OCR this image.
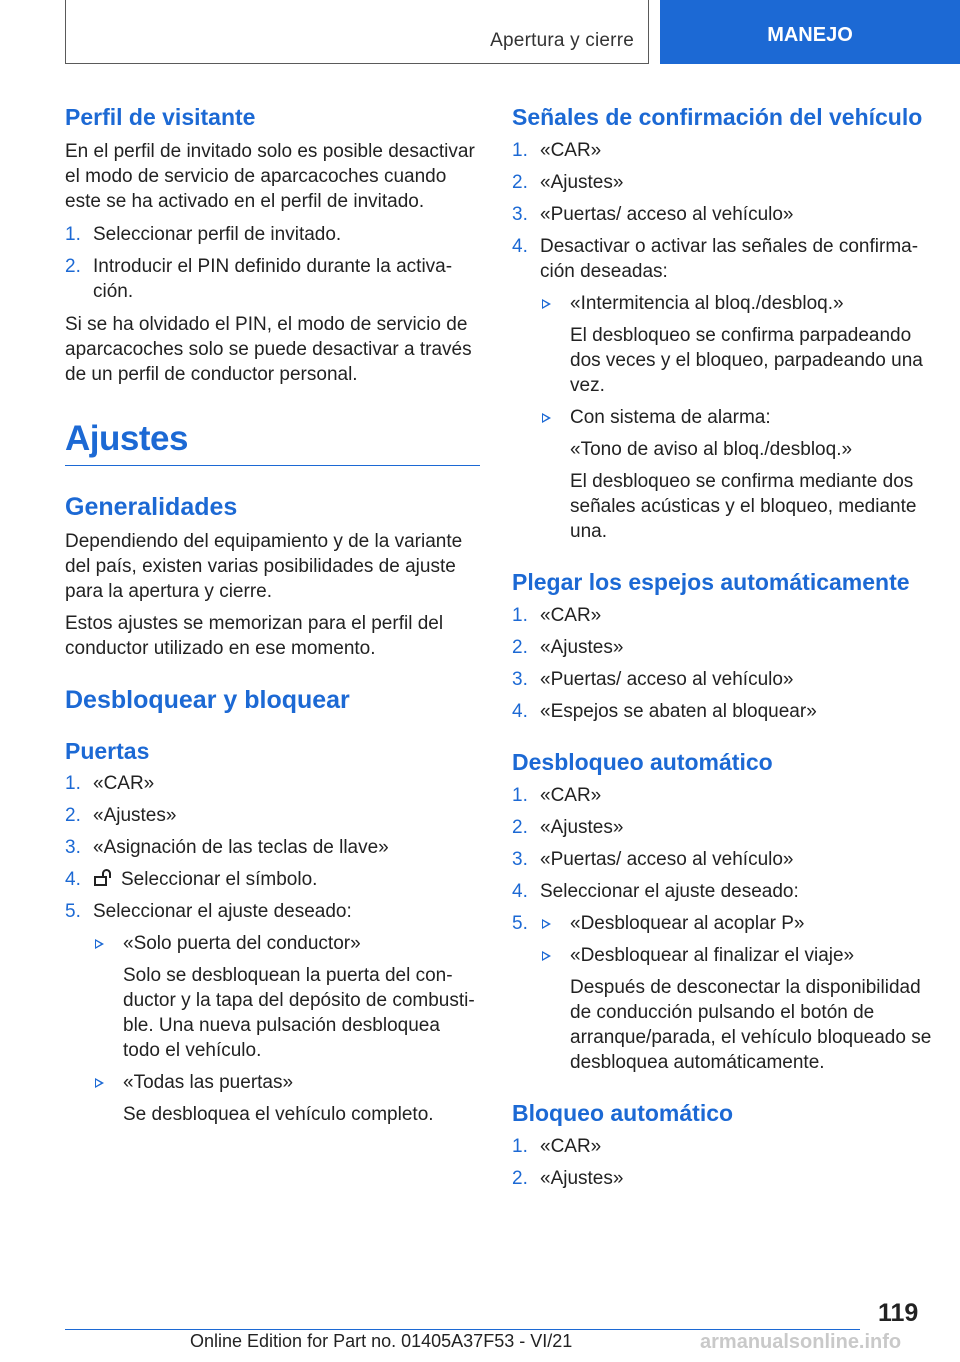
Apertura y cierre	MANEJO
Perfil de visitante

En el perfil de invitado solo es posible desactivar el modo de servicio de aparcacoches cuando este se ha activado en el perfil de invitado.

1. Seleccionar perfil de invitado.
2. Introducir el PIN definido durante la activación.

Si se ha olvidado el PIN, el modo de servicio de aparcacoches solo se puede desactivar a través de un perfil de conductor personal.

Ajustes
Generalidades

Dependiendo del equipamiento y de la variante del país, existen varias posibilidades de ajuste para la apertura y cierre.

Estos ajustes se memorizan para el perfil del conductor utilizado en ese momento.

Desbloquear y bloquear
Puertas
1. «CAR»
2. «Ajustes»
3. «Asignación de las teclas de llave»
4. Seleccionar el símbolo.
5. Seleccionar el ajuste deseado:
«Solo puerta del conductor»
Solo se desbloquean la puerta del conductor y la tapa del depósito de combustible. Una nueva pulsación desbloquea todo el vehículo.
«Todas las puertas»
Se desbloquea el vehículo completo.
Señales de confirmación del vehículo
1. «CAR»
2. «Ajustes»
3. «Puertas/ acceso al vehículo»
4. Desactivar o activar las señales de confirmación deseadas:
«Intermitencia al bloq./desbloq.»
El desbloqueo se confirma parpadeando dos veces y el bloqueo, parpadeando una vez.
Con sistema de alarma:
«Tono de aviso al bloq./desbloq.»
El desbloqueo se confirma mediante dos señales acústicas y el bloqueo, mediante una.
Plegar los espejos automáticamente
1. «CAR»
2. «Ajustes»
3. «Puertas/ acceso al vehículo»
4. «Espejos se abaten al bloquear»
Desbloqueo automático
1. «CAR»
2. «Ajustes»
3. «Puertas/ acceso al vehículo»
4. Seleccionar el ajuste deseado:
5.	«Desbloquear al acoplar P»
«Desbloquear al finalizar el viaje»
Después de desconectar la disponibilidad de conducción pulsando el botón de arranque/parada, el vehículo bloqueado se desbloquea automáticamente.
Bloqueo automático
1. «CAR»
2. «Ajustes»
119
Online Edition for Part no. 01405A37F53 - VI/21	armanualsonline.info
